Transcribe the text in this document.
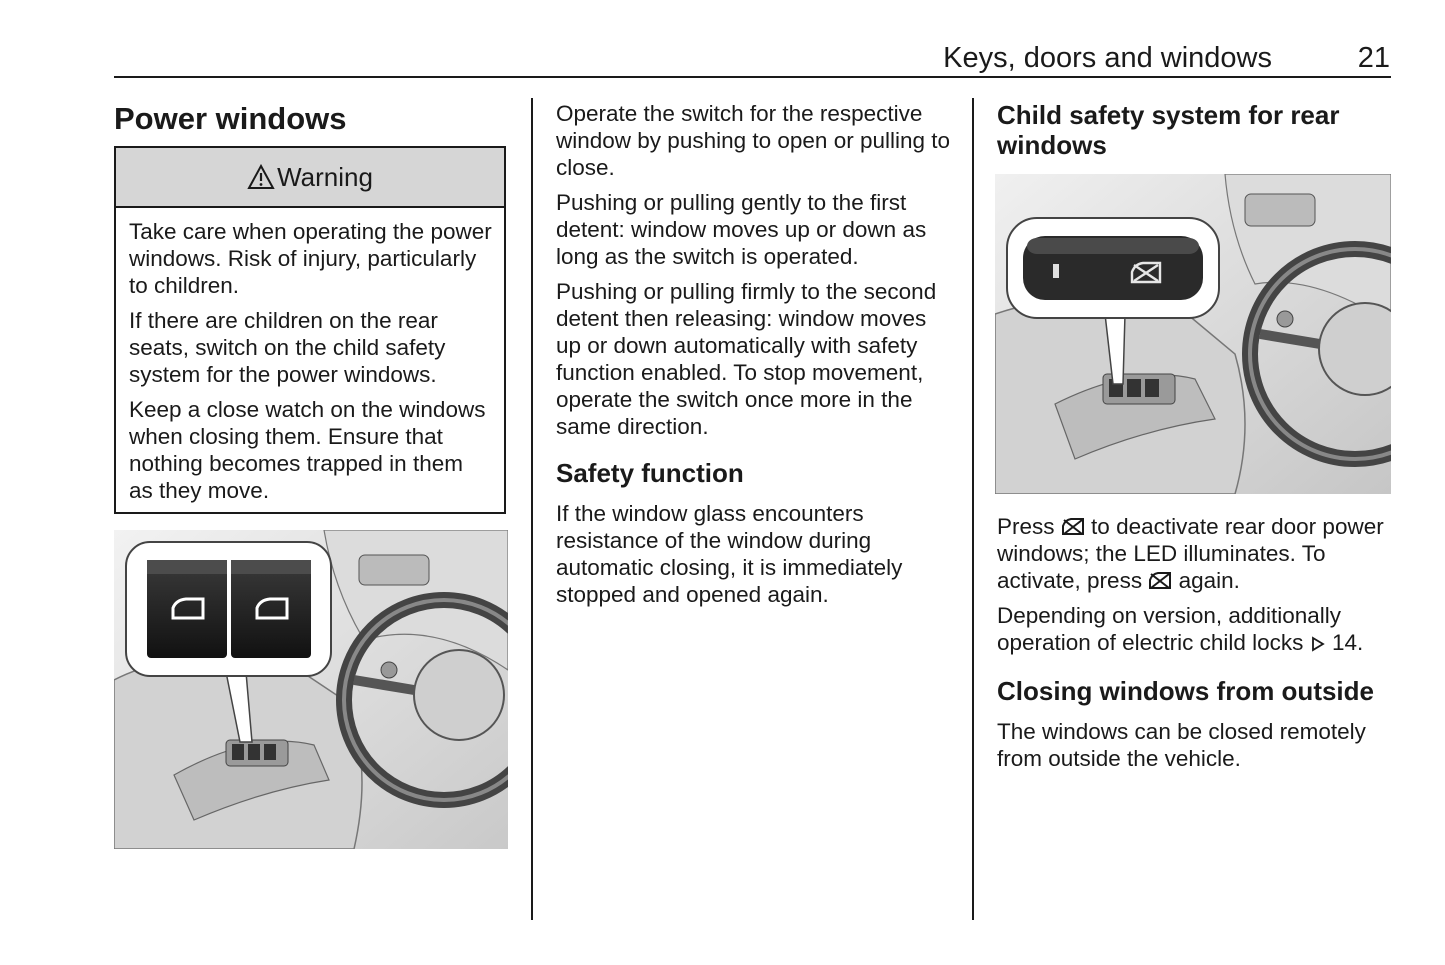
Keys, doors and windows	21
Power windows
Warning

Take care when operating the power windows. Risk of injury, particularly to children.

If there are children on the rear seats, switch on the child safety system for the power windows.

Keep a close watch on the windows when closing them. Ensure that nothing becomes trapped in them as they move.

Operate the switch for the respective window by pushing to open or pulling to close.

Pushing or pulling gently to the first detent: window moves up or down as long as the switch is operated.

Pushing or pulling firmly to the second detent then releasing: window moves up or down automatically with safety function enabled. To stop movement, operate the switch once more in the same direction.

Safety function

If the window glass encounters resistance of the window during automatic closing, it is immediately stopped and opened again.

Child safety system for rear windows

Press to deactivate rear door power windows; the LED illuminates. To activate, press again.

Depending on version, additionally operation of electric child locks 14.

Closing windows from outside

The windows can be closed remotely from outside the vehicle.
